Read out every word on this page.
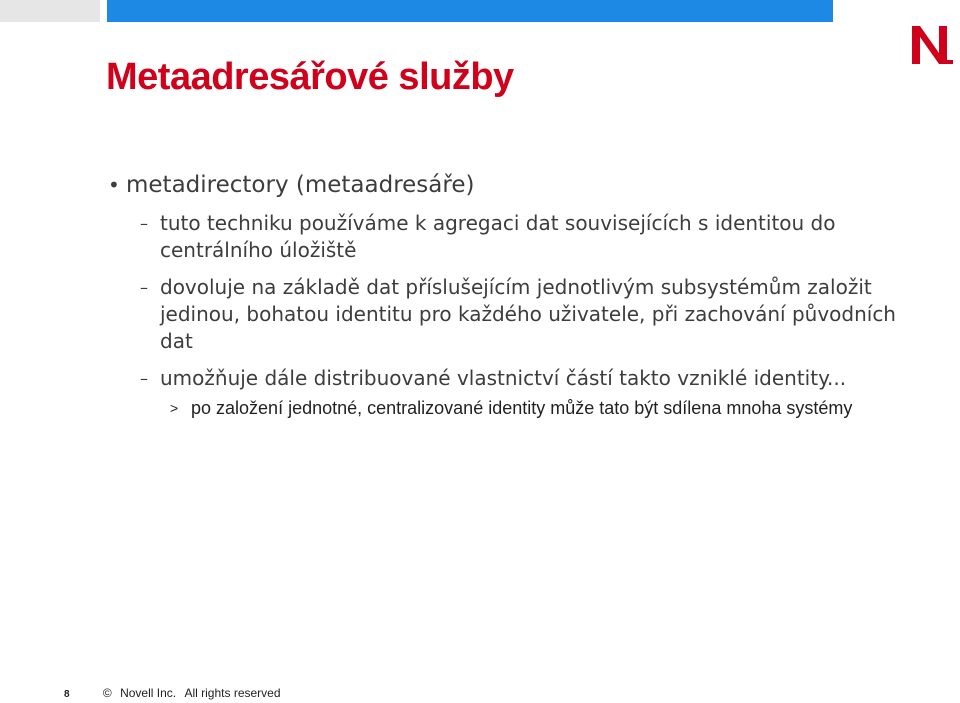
Metaadresářové služby
• metadirectory (metaadresáře)
– tuto techniku používáme k agregaci dat souvisejících s identitou do centrálního úložiště
– dovoluje na základě dat příslušejícím jednotlivým subsystémům založit jedinou, bohatou identitu pro každého uživatele, při zachování původních dat
– umožňuje dále distribuované vlastnictví částí takto vzniklé identity...
> po založení jednotné, centralizované identity může tato být sdílena mnoha systémy
8	© Novell Inc. All rights reserved
